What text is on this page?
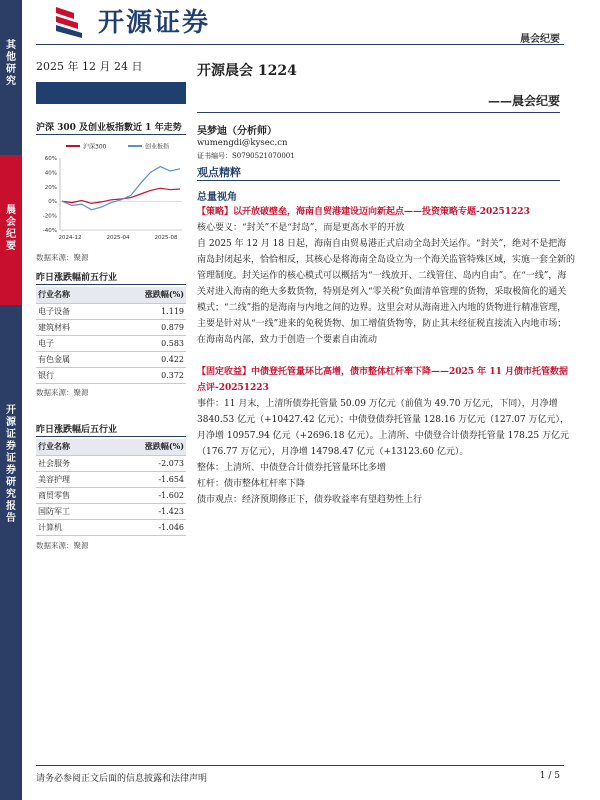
其他研究
晨会纪要
开源证券 证券研究报告
开源证券
晨会纪要
2025 年 12 月 24 日	开源晨会 1224
——晨会纪要
沪深 300 及创业板指數近 1 年走势
沪深300	创业板指
60%
40%
20%
0%
-20%
-40%
2024-12	2025-04	2025-08
数据来源：聚源
昨日涨跌幅前五行业
行业名称	涨跌幅(%)
电子设备	1.119
建筑材料	0.879
电子	0.583
有色金属	0.422
银行	0.372
数据来源：聚源
昨日涨跌幅后五行业
行业名称	涨跌幅(%)
社会服务	-2.073
美容护理	-1.654
商贸零售	-1.602
国防军工	-1.423
计算机	-1.046
数据来源：聚源
吴梦迪（分析师）
wumengdi@kysec.cn
证书编号：S0790521070001
观点精粹
总量视角
【策略】以开放破壁垒，海南自贸港建设迈向新起点——投资策略专题-20251223
核心要义：“封关”不是“封岛”，而是更高水平的开放
自 2025 年 12 月 18 日起，海南自由贸易港正式启动全岛封关运作。“封关”，绝对不是把海南岛封闭起来，恰恰相反，其核心是将海南全岛设立为一个海关监管特殊区域，实施一套全新的管理制度。封关运作的核心模式可以概括为“一线放开、二线管住、岛内自由”。在“一线”，海关对进入海南的绝大多数货物，特别是列入“零关税”负面清单管理的货物，采取极简化的通关模式；“二线”指的是海南与内地之间的边界。这里会对从海南进入内地的货物进行精准管理，主要是针对从“一线”进来的免税货物、加工增值货物等，防止其未经征税直接流入内地市场；在海南岛内部，致力于创造一个要素自由流动
【固定收益】中债登托管量环比高增，债市整体杠杆率下降——2025 年 11 月债市托管数据点评-20251223
事件：11 月末，上清所债券托管量 50.09 万亿元（前值为 49.70 万亿元，下同），月净增 3840.53 亿元（+10427.42 亿元）；中债登债券托管量 128.16 万亿元（127.07 万亿元），月净增 10957.94 亿元（+2696.18 亿元）。上清所、中债登合计债券托管量 178.25 万亿元（176.77 万亿元），月净增 14798.47 亿元（+13123.60 亿元）。
整体：上清所、中债登合计债券托管量环比多增
杠杆：债市整体杠杆率下降
债市观点：经济预期修正下，债券收益率有望趋势性上行
请务必参阅正文后面的信息披露和法律声明	1 / 5
